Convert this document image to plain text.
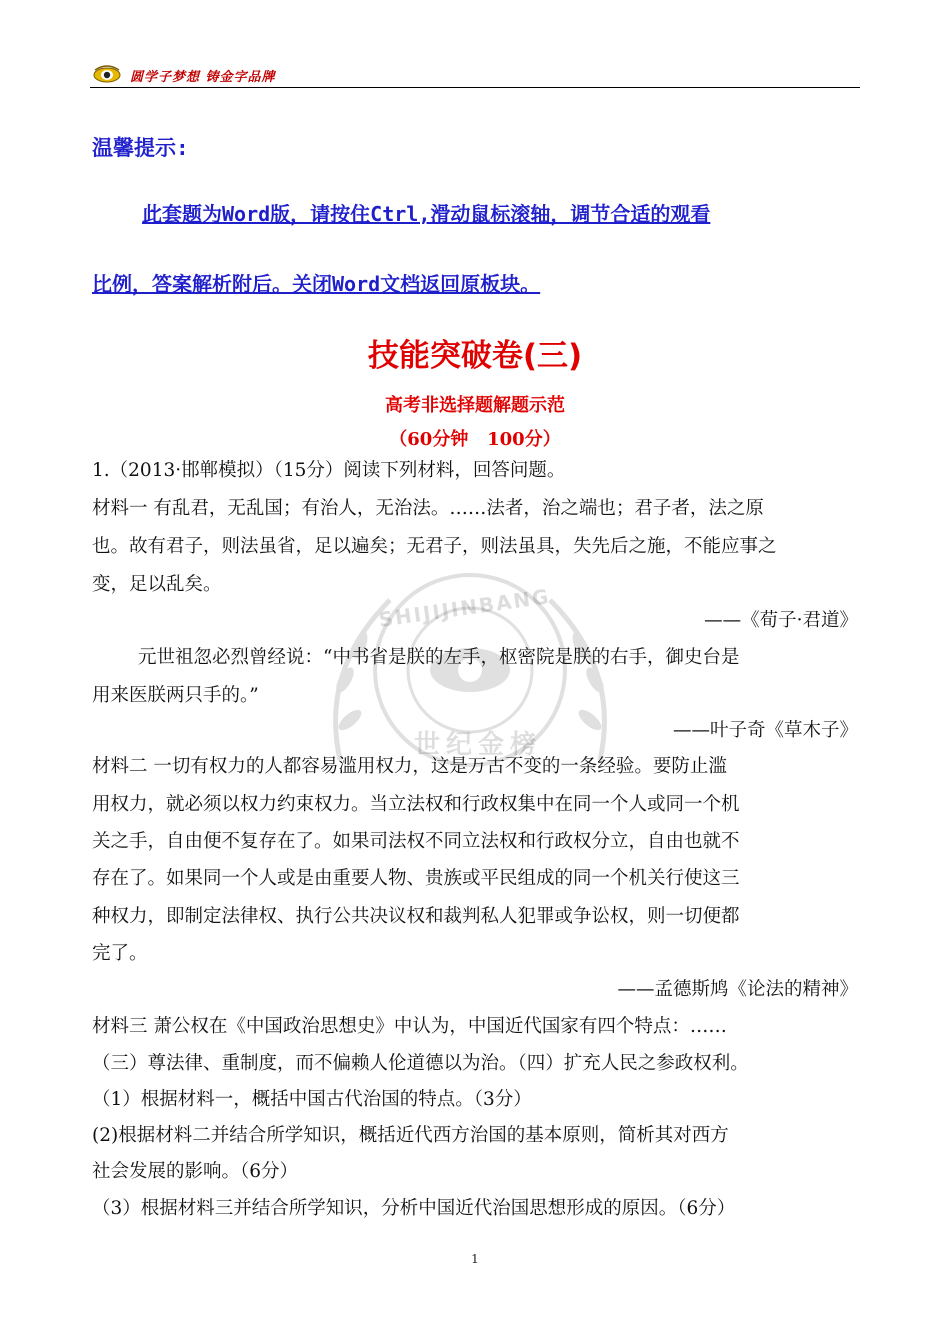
圆学子梦想 铸金字品牌
温馨提示:
此套题为Word版，请按住Ctrl,滑动鼠标滚轴，调节合适的观看
比例，答案解析附后。关闭Word文档返回原板块。
技能突破卷(三)
高考非选择题解题示范
（60分钟   100分）
SHIJIJINBANG
世纪金榜
1.（2013·邯郸模拟）（15分）阅读下列材料，回答问题。
材料一 有乱君，无乱国；有治人，无治法。……法者，治之端也；君子者，法之原
也。故有君子，则法虽省，足以遍矣；无君子，则法虽具，失先后之施，不能应事之
变，足以乱矣。
——《荀子·君道》
元世祖忽必烈曾经说：“中书省是朕的左手，枢密院是朕的右手，御史台是
用来医朕两只手的。”
——叶子奇《草木子》
材料二 一切有权力的人都容易滥用权力，这是万古不变的一条经验。要防止滥
用权力，就必须以权力约束权力。当立法权和行政权集中在同一个人或同一个机
关之手，自由便不复存在了。如果司法权不同立法权和行政权分立，自由也就不
存在了。如果同一个人或是由重要人物、贵族或平民组成的同一个机关行使这三
种权力，即制定法律权、执行公共决议权和裁判私人犯罪或争讼权，则一切便都
完了。
——孟德斯鸠《论法的精神》
材料三 萧公权在《中国政治思想史》中认为，中国近代国家有四个特点：……
（三）尊法律、重制度，而不偏赖人伦道德以为治。（四）扩充人民之参政权利。
（1）根据材料一，概括中国古代治国的特点。（3分）
(2)根据材料二并结合所学知识，概括近代西方治国的基本原则，简析其对西方
社会发展的影响。（6分）
（3）根据材料三并结合所学知识，分析中国近代治国思想形成的原因。（6分）
1
